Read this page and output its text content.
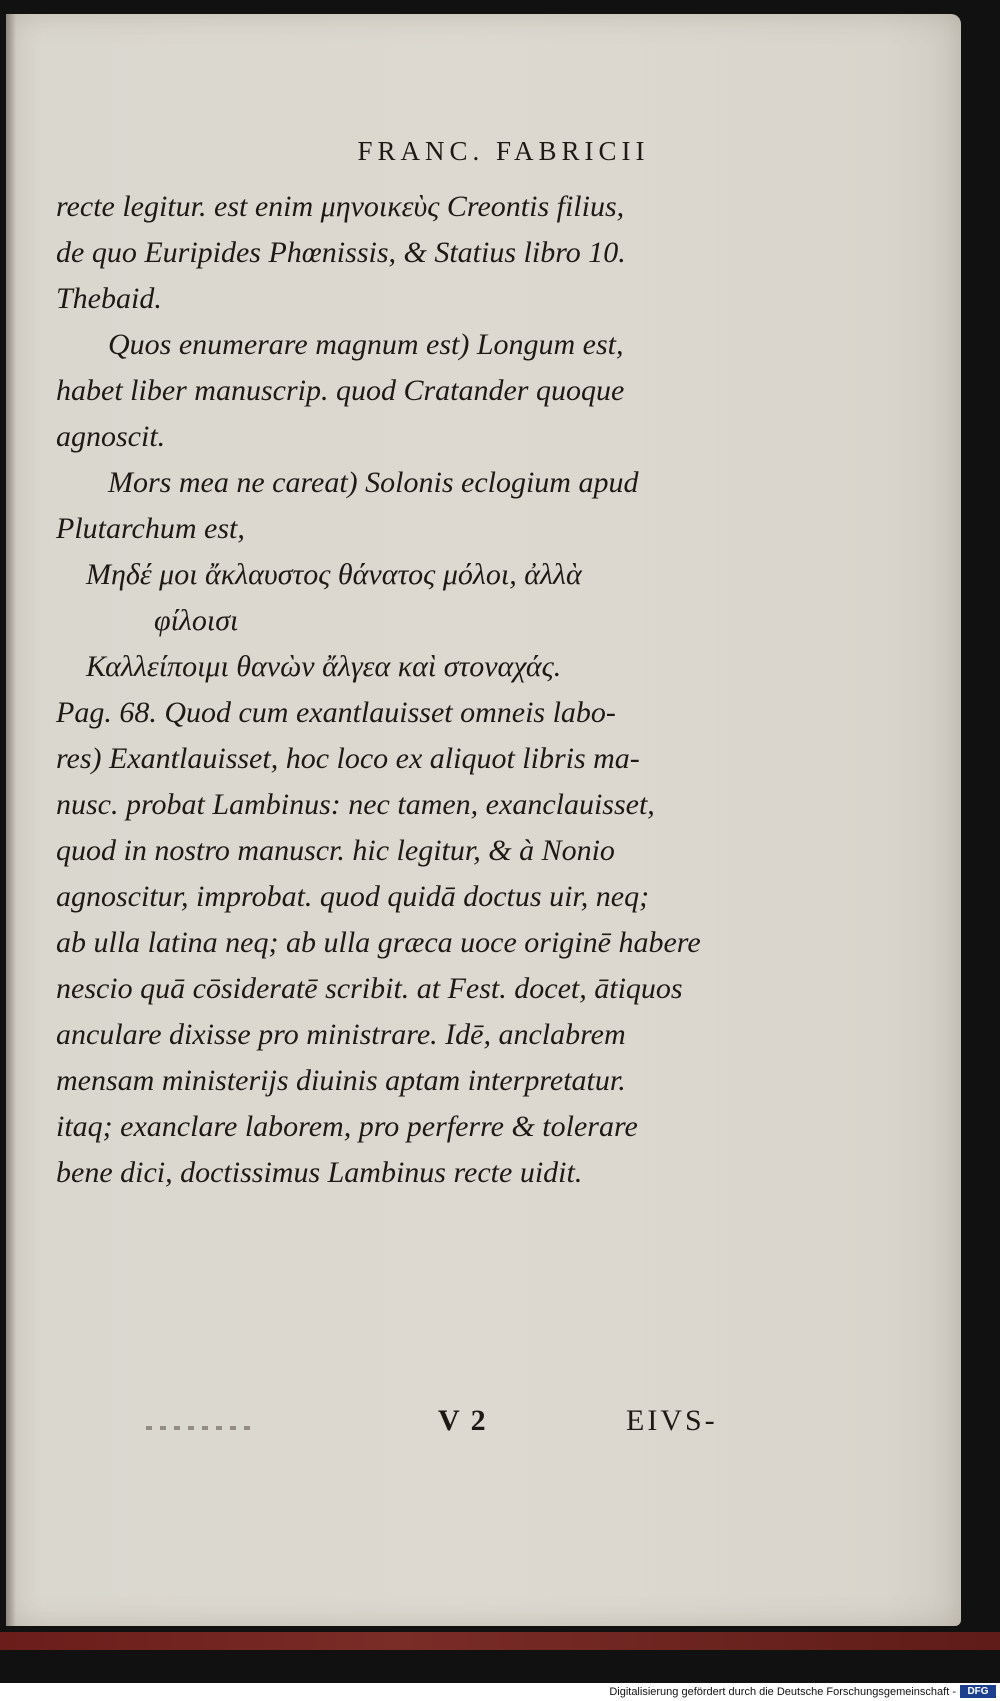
FRANC. FABRICII

recte legitur. est enim μηνοικεὺς Creontis filius,

de quo Euripides Phœnissis, & Statius libro 10.

Thebaid.

Quos enumerare magnum est) Longum est,

habet liber manuscrip. quod Cratander quoque

agnoscit.

Mors mea ne careat) Solonis eclogium apud

Plutarchum est,

Μηδέ μοι ἄκλαυστος θάνατος μόλοι, ἀλλὰ

φίλοισι

Καλλείποιμι θανὼν ἄλγεα καὶ στοναχάς.

Pag. 68. Quod cum exantlauisset omneis labo-

res) Exantlauisset, hoc loco ex aliquot libris ma-

nusc. probat Lambinus: nec tamen, exanclauisset,

quod in nostro manuscr. hic legitur, & à Nonio

agnoscitur, improbat. quod quidā doctus uir, neq;

ab ulla latina neq; ab ulla græca uoce originē habere

nescio quā cōsideratē scribit. at Fest. docet, ātiquos

anculare dixisse pro ministrare. Idē, anclabrem

mensam ministerijs diuinis aptam interpretatur.

itaq; exanclare laborem, pro perferre & tolerare

bene dici, doctissimus Lambinus recte uidit.

V 2	EIVS-
Digitalisierung gefördert durch die Deutsche Forschungsgemeinschaft -	DFG
